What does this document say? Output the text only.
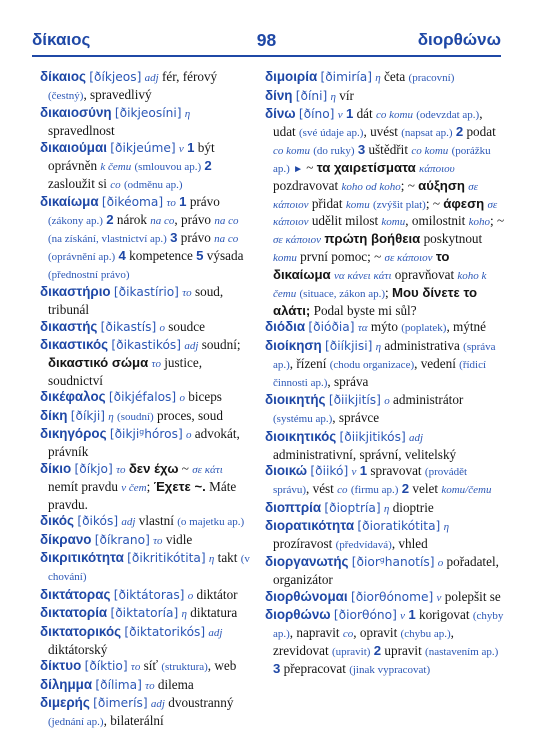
δίκαιος	98	διορθώνω

δίκαιος [ðíkjeos] adj fér, férový (čestný), spravedlivý

δικαιοσύνη [ðikjeosíni] η spravedlnost

δικαιούμαι [ðikjeúme] v 1 být oprávněn k čemu (smlouvou ap.) 2 zasloužit si co (odměnu ap.)

δικαίωμα [ðikéoma] το 1 právo (zákony ap.) 2 nárok na co, právo na co (na získání, vlastnictví ap.) 3 právo na co (oprávnění ap.) 4 kompetence 5 výsada (přednostní právo)

δικαστήριο [ðikastírio] το soud, tribunál

δικαστής [ðikastís] ο soudce

δικαστικός [ðikastikós] adj soudní; δικαστικό σώμα το justice, soudnictví

δικέφαλος [ðikjéfalos] ο biceps

δίκη [ðíkji] η (soudní) proces, soud

δικηγόρος [ðikjiᵍhóros] ο advokát, právník

δίκιο [ðíkjo] το δεν έχω ~ σε κάτι nemít pravdu v čem; Έχετε ~. Máte pravdu.

δικός [ðikós] adj vlastní (o majetku ap.)

δίκρανο [ðíkrano] το vidle

δικριτικότητα [ðikritikótita] η takt (v chování)

δικτάτορας [ðiktátoras] ο diktátor

δικτατορία [ðiktatoría] η diktatura

δικτατορικός [ðiktatorikós] adj diktátorský

δίκτυο [ðíktio] το síť (struktura), web

δίλημμα [ðílima] το dilema

διμερής [ðimerís] adj dvoustranný (jednání ap.), bilaterální

διμοιρία [ðimiría] η četa (pracovní)

δίνη [ðíni] η vír

δίνω [ðíno] v 1 dát co komu (odevzdat ap.), udat (své údaje ap.), uvést (napsat ap.) 2 podat co komu (do ruky) 3 uštědřit co komu (porážku ap.) ► ~ τα χαιρετίσματα κάποιου pozdravovat koho od koho; ~ αύξηση σε κάποιον přidat komu (zvýšit plat); ~ άφεση σε κάποιον udělit milost komu, omilostnit koho; ~ σε κάποιον πρώτη βοήθεια poskytnout komu první pomoc; ~ σε κάποιον το δικαίωμα να κάνει κάτι opravňovat koho k čemu (situace, zákon ap.); Μου δίνετε το αλάτι; Podal byste mi sůl?

διόδια [ðióðia] τα mýto (poplatek), mýtné

διοίκηση [ðiíkjisi] η administrativa (správa ap.), řízení (chodu organizace), vedení (řídicí činnosti ap.), správa

διοικητής [ðiikjitís] ο administrátor (systému ap.), správce

διοικητικός [ðiikjitikós] adj administrativní, správní, velitelský

διοικώ [ðiikó] v 1 spravovat (provádět správu), vést co (firmu ap.) 2 velet komu/čemu

διοπτρία [ðioptría] η dioptrie

διορατικότητα [ðioratikótita] η prozíravost (předvídavá), vhled

διοργανωτής [ðiorᵍhanotís] ο pořadatel, organizátor

διορθώνομαι [ðiorθónome] v polepšit se

διορθώνω [ðiorθóno] v 1 korigovat (chyby ap.), napravit co, opravit (chybu ap.), zrevidovat (upravit) 2 upravit (nastavením ap.) 3 přepracovat (jinak vypracovat)
